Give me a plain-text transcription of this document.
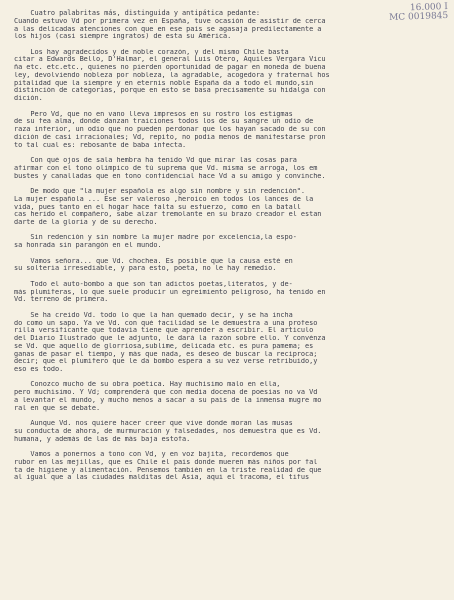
16.000 I
MC 0019845
Cuatro palabritas más, distinguida y antipática pedante:
Cuando estuvo Vd por primera vez en España, tuve ocasión de asistir de cerca
a las delicadas atenciones con que en ese país se agasaja predilectamente a
los hijos (casi siempre ingratos) de esta su América.
Los hay agradecidos y de noble corazón, y del mismo Chile basta
citar a Edwards Bello, D'Halmar, el general Luis Otero, Aquiles Vergara Vicu
ña etc. etc.etc., quienes no pierden oportunidad de pagar en moneda de buena
ley, devolviendo nobleza por nobleza, la agradable, acogedora y fraternal hos
pitalidad que la siempre y en eternis noble España da a todo el mundo,sin
distinción de categorías, porque en esto se basa precisamente su hidalga con
dición.
Pero Vd, que no en vano lleva impresos en su rostro los estigmas
de su fea alma, donde danzan traiciones todos los de su sangre un odio de
raza inferior, un odio que no pueden perdonar que los hayan sacado de su con
dición de casi irracionales; Vd, repito, no podía menos de manifestarse pron
to tal cual es: rebosante de baba infecta.
Con qué ojos de sala hembra ha tenido Vd que mirar las cosas para
afirmar con el tono olímpico de tú suprema que Vd. misma se arroga, los em
bustes y canalladas que en tono confidencial hace Vd a su amigo y convinche.
De modo que "la mujer española es algo sin nombre y sin redención".
La mujer española ... Ese ser valeroso ,heroico en todos los lances de la
vida, pues tanto en el hogar hace falta su esfuerzo, como en la batall
cas herido el compañero, sabe alzar tremolante en su brazo creador el estan
darte de la gloria y de su derecho.
Sin redención y sin nombre la mujer madre por excelencia,la espo-
sa honrada sin parangón en el mundo.
Vamos señora... que Vd. chochea. Es posible que la causa esté en
su soltería irresediable, y para esto, poeta, no le hay remedio.
Todo el auto-bombo a que son tan adictos poetas,literatos, y de-
más plumíferas, lo que suele producir un egreimiento peligroso, ha tenido en
Vd. terreno de primera.
Se ha creído Vd. todo lo que la han quemado decir, y se ha incha
do como un sapo. Ya ve Vd. con qué facilidad se le demuestra a una profeso
rilla versificante que todavía tiene que aprender a escribir. El artículo
del Diario Ilustrado que le adjunto, le dará la razón sobre ello. Y convénza
se Vd. que aquello de glorriosa,sublime, delicada etc. es pura pamema; es
ganas de pasar el tiempo, y más que nada, es deseo de buscar la recíproca;
decir; que el plumífero que le da bombo espera a su vez verse retribuido,y
eso es todo.
Conozco mucho de su obra poética. Hay muchísimo malo en ella,
pero muchísimo. Y Vd; comprenderá que con media docena de poesías no va Vd
a levantar el mundo, y mucho menos a sacar a su país de la inmensa mugre mo
ral en que se debate.
Aunque Vd. nos quiere hacer creer que vive donde moran las musas
su conducta de ahora, de murmuración y falsedades, nos demuestra que es Vd.
humana, y además de las de más baja estofa.
Vamos a ponernos a tono con Vd, y en voz bajita, recordemos que
rubor en las mejillas, que es Chile el país donde mueren más niños por fal
ta de higiene y alimentación. Pensemos también en la triste realidad de que
al igual que a las ciudades malditas del Asia, aquí el tracoma, el tifus
